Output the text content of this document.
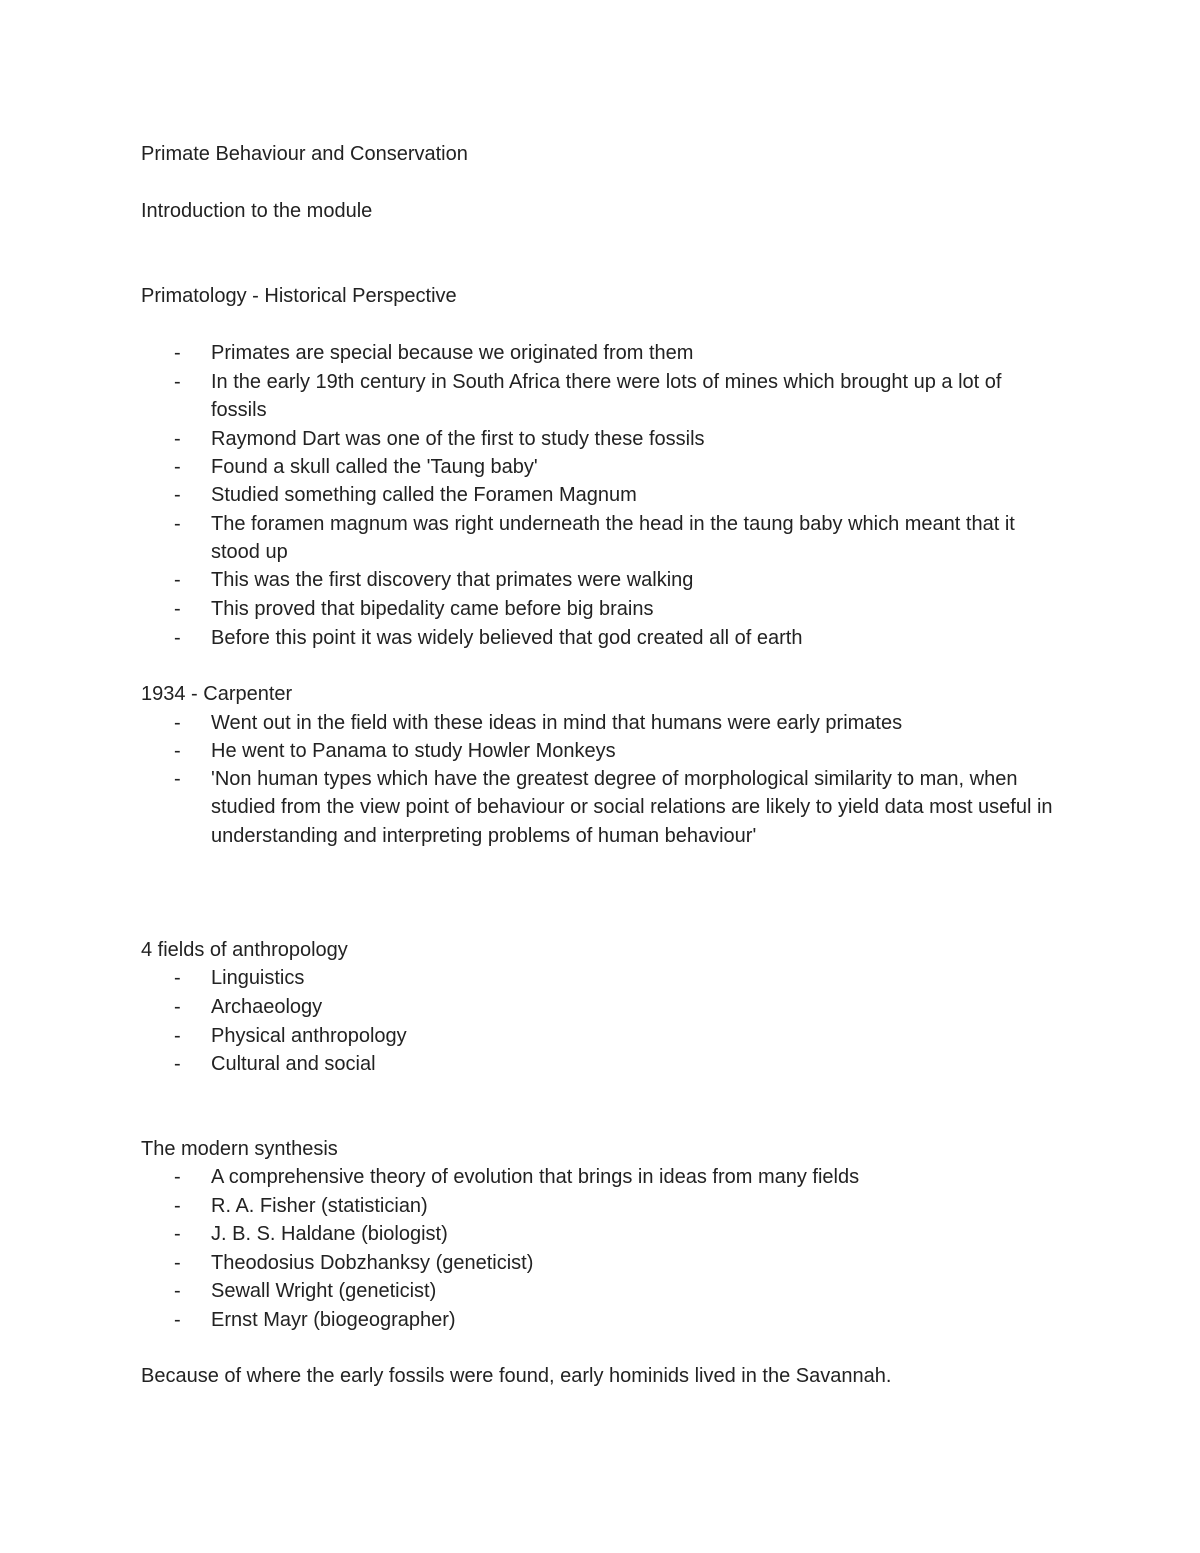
Primate Behaviour and Conservation
Introduction to the module
Primatology - Historical Perspective
- Primates are special because we originated from them
- In the early 19th century in South Africa there were lots of mines which brought up a lot of fossils
- Raymond Dart was one of the first to study these fossils
- Found a skull called the 'Taung baby'
- Studied something called the Foramen Magnum
- The foramen magnum was right underneath the head in the taung baby which meant that it stood up
- This was the first discovery that primates were walking
- This proved that bipedality came before big brains
- Before this point it was widely believed that god created all of earth
1934 - Carpenter
- Went out in the field with these ideas in mind that humans were early primates
- He went to Panama to study Howler Monkeys
- 'Non human types which have the greatest degree of morphological similarity to man, when studied from the view point of behaviour or social relations are likely to yield data most useful in understanding and interpreting problems of human behaviour'
4 fields of anthropology
- Linguistics
- Archaeology
- Physical anthropology
- Cultural and social
The modern synthesis
- A comprehensive theory of evolution that brings in ideas from many fields
- R. A. Fisher (statistician)
- J. B. S. Haldane (biologist)
- Theodosius Dobzhanksy (geneticist)
- Sewall Wright (geneticist)
- Ernst Mayr (biogeographer)
Because of where the early fossils were found, early hominids lived in the Savannah.
